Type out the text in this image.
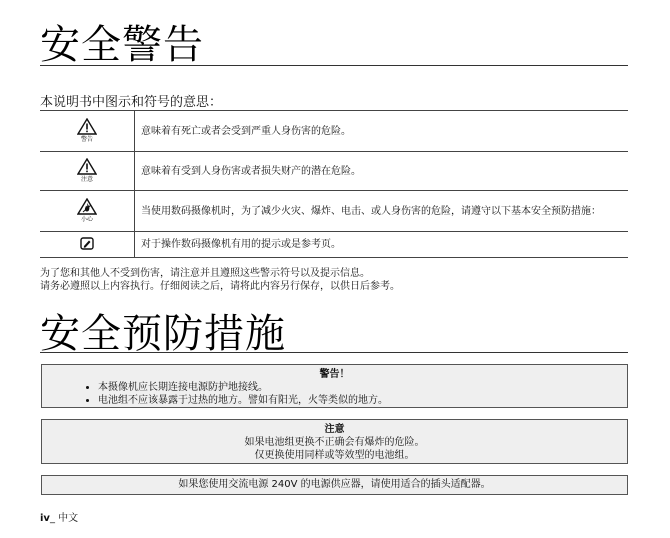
安全警告
本说明书中图示和符号的意思：
警告	意味着有死亡或者会受到严重人身伤害的危险。

注意	意味着有受到人身伤害或者损失财产的潜在危险。

小心	当使用数码摄像机时，为了减少火灾、爆炸、电击、或人身伤害的危险，请遵守以下基本安全预防措施：

	对于操作数码摄像机有用的提示或是参考页。
为了您和其他人不受到伤害，请注意并且遵照这些警示符号以及提示信息。
请务必遵照以上内容执行。仔细阅读之后，请将此内容另行保存，以供日后参考。
安全预防措施
警告！
• 本摄像机应长期连接电源防护地接线。
• 电池组不应该暴露于过热的地方。譬如有阳光，火等类似的地方。
注意
如果电池组更换不正确会有爆炸的危险。
仅更换使用同样或等效型的电池组。
如果您使用交流电源 240V 的电源供应器，请使用适合的插头适配器。
iv_ 中文
